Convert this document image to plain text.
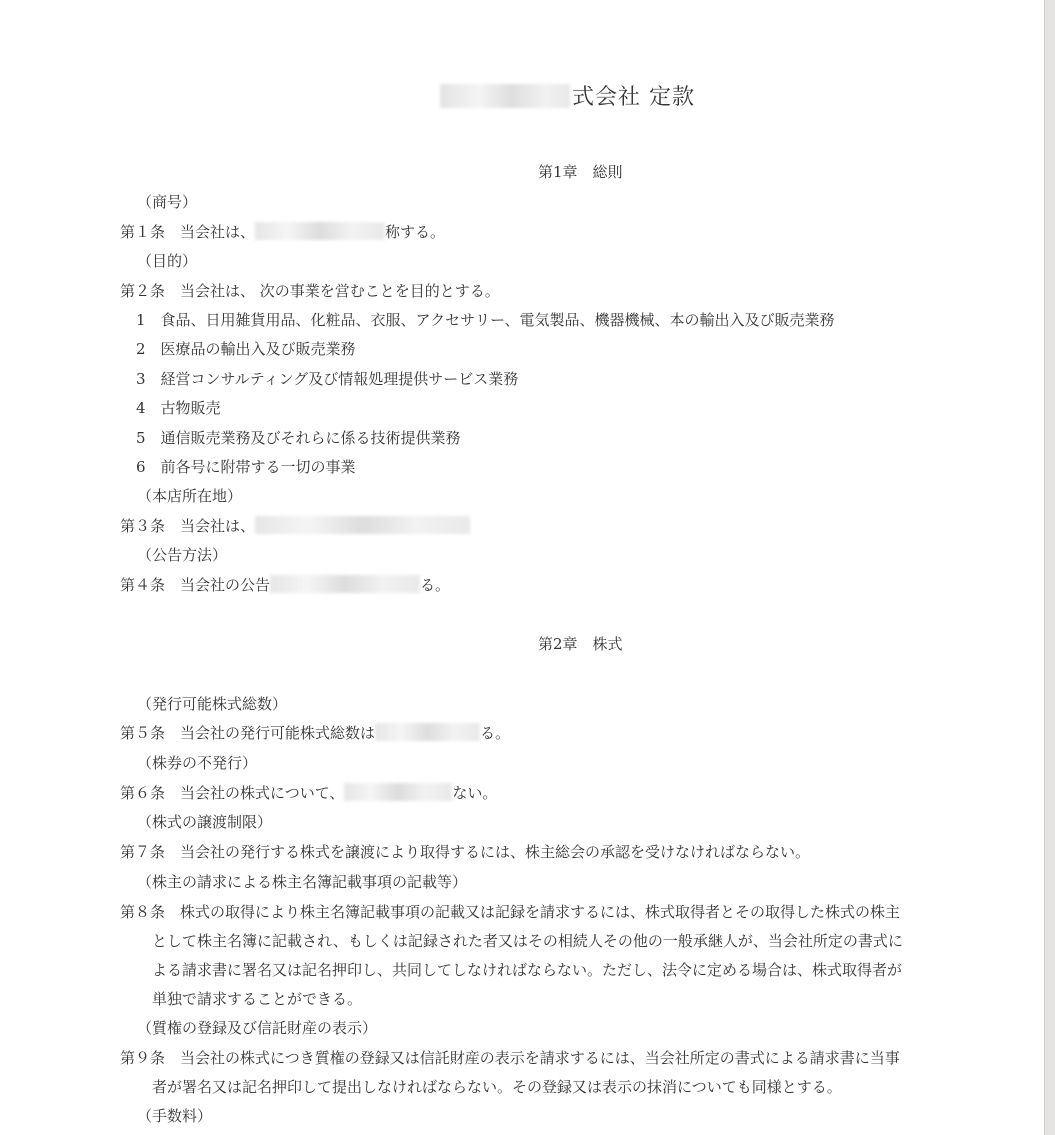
式会社 定款
第1章　総則
（商号）
第１条　当会社は、	称する。
（目的）
第２条　当会社は、 次の事業を営むことを目的とする。
1　食品、日用雑貨用品、化粧品、衣服、アクセサリー、電気製品、機器機械、本の輸出入及び販売業務
2　医療品の輸出入及び販売業務
3　経営コンサルティング及び情報処理提供サービス業務
4　古物販売
5　通信販売業務及びそれらに係る技術提供業務
6　前各号に附帯する一切の事業
（本店所在地）
第３条　当会社は、
（公告方法）
第４条　当会社の公告	る。
第2章　株式
（発行可能株式総数）
第５条　当会社の発行可能株式総数は	る。
（株券の不発行）
第６条　当会社の株式について、	ない。
（株式の譲渡制限）
第７条　当会社の発行する株式を譲渡により取得するには、株主総会の承認を受けなければならない。
（株主の請求による株主名簿記載事項の記載等）
第８条　株式の取得により株主名簿記載事項の記載又は記録を請求するには、株式取得者とその取得した株式の株主
として株主名簿に記載され、もしくは記録された者又はその相続人その他の一般承継人が、当会社所定の書式に
よる請求書に署名又は記名押印し、共同してしなければならない。ただし、法令に定める場合は、株式取得者が
単独で請求することができる。
（質権の登録及び信託財産の表示）
第９条　当会社の株式につき質権の登録又は信託財産の表示を請求するには、当会社所定の書式による請求書に当事
者が署名又は記名押印して提出しなければならない。その登録又は表示の抹消についても同様とする。
（手数料）
